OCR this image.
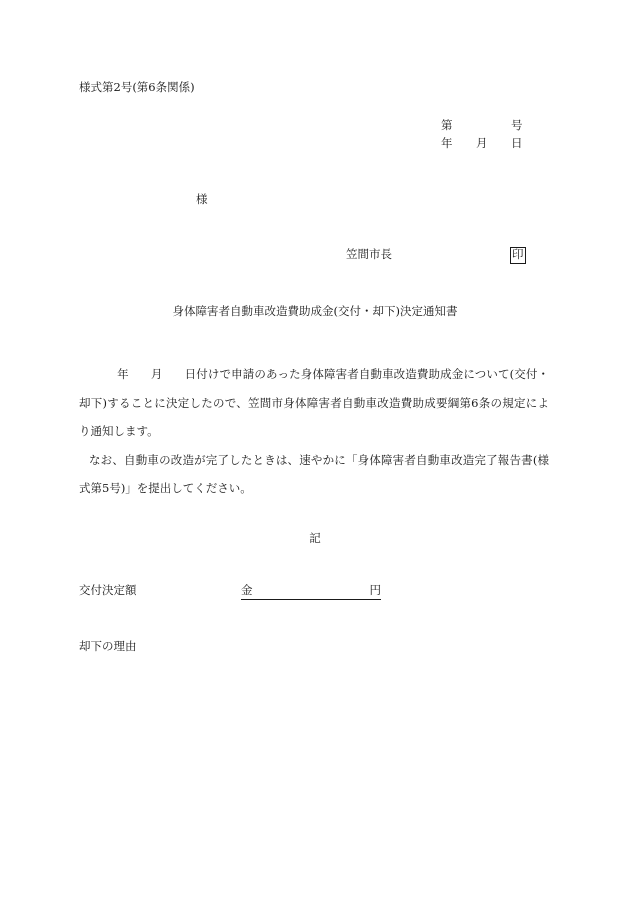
様式第2号(第6条関係)
第	号
年 月 日
様
笠間市長	印
身体障害者自動車改造費助成金(交付・却下)決定通知書

年 月 日付けで申請のあった身体障害者自動車改造費助成金について(交付・却下)することに決定したので、笠間市身体障害者自動車改造費助成要綱第6条の規定により通知します。

なお、自動車の改造が完了したときは、速やかに「身体障害者自動車改造完了報告書(様式第5号)」を提出してください。

記
交付決定額	金	円
却下の理由
